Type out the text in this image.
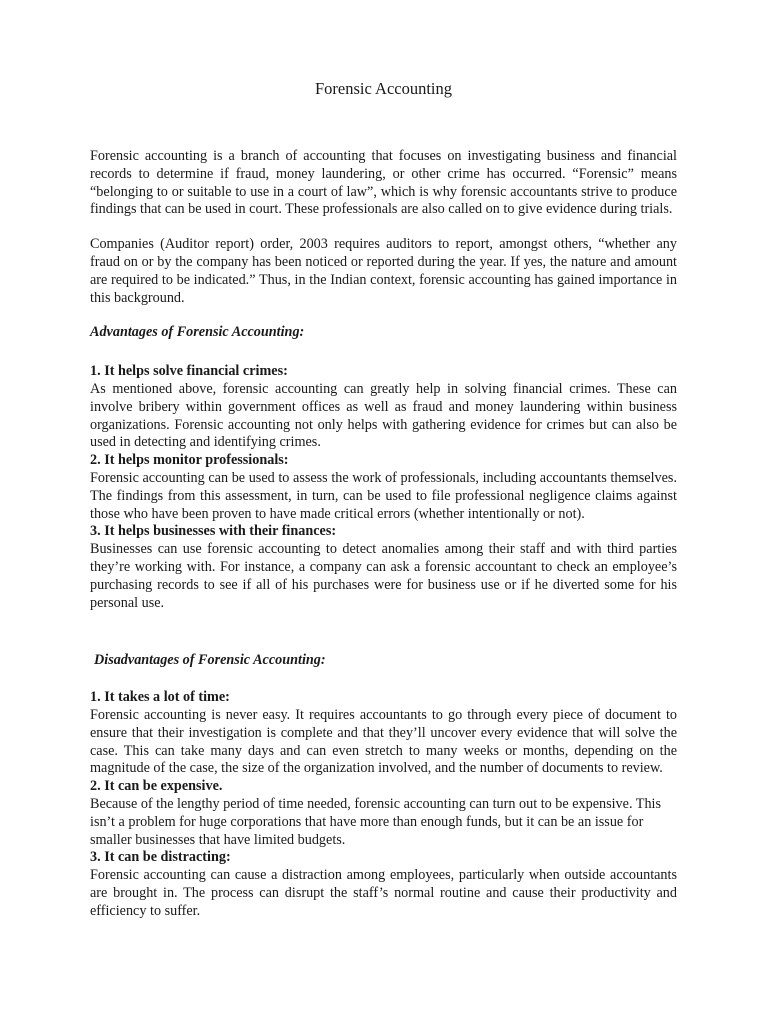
Forensic Accounting

Forensic accounting is a branch of accounting that focuses on investigating business and financial records to determine if fraud, money laundering, or other crime has occurred. “Forensic” means “belonging to or suitable to use in a court of law”, which is why forensic accountants strive to produce findings that can be used in court. These professionals are also called on to give evidence during trials.

Companies (Auditor report) order, 2003 requires auditors to report, amongst others, “whether any fraud on or by the company has been noticed or reported during the year. If yes, the nature and amount are required to be indicated.” Thus, in the Indian context, forensic accounting has gained importance in this background.

Advantages of Forensic Accounting:

1. It helps solve financial crimes:

As mentioned above, forensic accounting can greatly help in solving financial crimes. These can involve bribery within government offices as well as fraud and money laundering within business organizations. Forensic accounting not only helps with gathering evidence for crimes but can also be used in detecting and identifying crimes.

2. It helps monitor professionals:

Forensic accounting can be used to assess the work of professionals, including accountants themselves. The findings from this assessment, in turn, can be used to file professional negligence claims against those who have been proven to have made critical errors (whether intentionally or not).

3. It helps businesses with their finances:

Businesses can use forensic accounting to detect anomalies among their staff and with third parties they’re working with. For instance, a company can ask a forensic accountant to check an employee’s purchasing records to see if all of his purchases were for business use or if he diverted some for his personal use.

Disadvantages of Forensic Accounting:

1. It takes a lot of time:

Forensic accounting is never easy. It requires accountants to go through every piece of document to ensure that their investigation is complete and that they’ll uncover every evidence that will solve the case. This can take many days and can even stretch to many weeks or months, depending on the magnitude of the case, the size of the organization involved, and the number of documents to review.

2. It can be expensive.

Because of the lengthy period of time needed, forensic accounting can turn out to be expensive. This isn’t a problem for huge corporations that have more than enough funds, but it can be an issue for smaller businesses that have limited budgets.

3. It can be distracting:

Forensic accounting can cause a distraction among employees, particularly when outside accountants are brought in. The process can disrupt the staff’s normal routine and cause their productivity and efficiency to suffer.
